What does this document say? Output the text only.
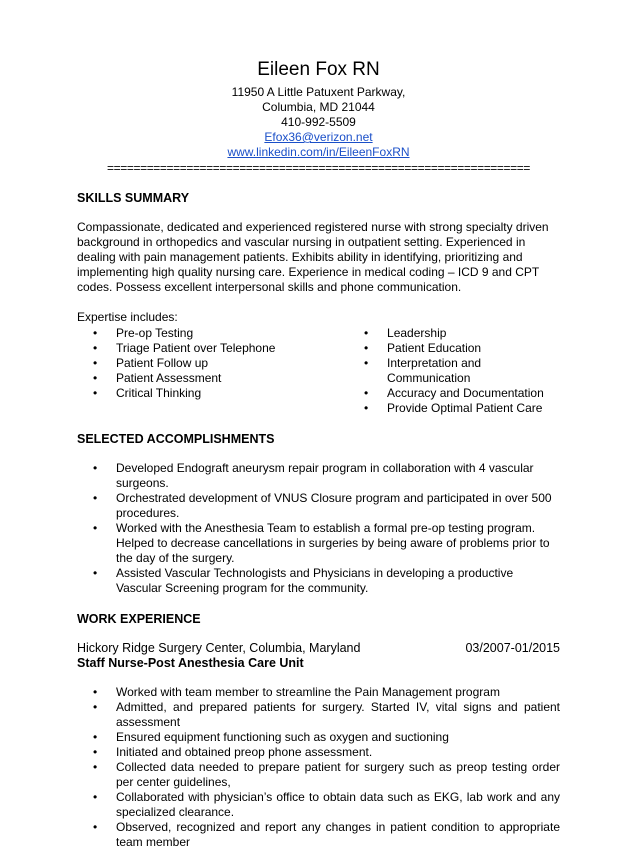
Eileen Fox RN
11950 A Little Patuxent Parkway,
Columbia, MD 21044
410-992-5509
Efox36@verizon.net
www.linkedin.com/in/EileenFoxRN
================================================================
SKILLS SUMMARY

Compassionate, dedicated and experienced registered nurse with strong specialty driven background in orthopedics and vascular nursing in outpatient setting. Experienced in dealing with pain management patients. Exhibits ability in identifying, prioritizing and implementing high quality nursing care. Experience in medical coding – ICD 9 and CPT codes. Possess excellent interpersonal skills and phone communication.

Expertise includes:
• Pre-op Testing
• Triage Patient over Telephone
• Patient Follow up
• Patient Assessment
• Critical Thinking
• Leadership
• Patient Education
• Interpretation and Communication
• Accuracy and Documentation
• Provide Optimal Patient Care
SELECTED ACCOMPLISHMENTS
• Developed Endograft aneurysm repair program in collaboration with 4 vascular surgeons.
• Orchestrated development of VNUS Closure program and participated in over 500 procedures.
• Worked with the Anesthesia Team to establish a formal pre-op testing program. Helped to decrease cancellations in surgeries by being aware of problems prior to the day of the surgery.
• Assisted Vascular Technologists and Physicians in developing a productive Vascular Screening program for the community.
WORK EXPERIENCE
Hickory Ridge Surgery Center, Columbia, Maryland	03/2007-01/2015
Staff Nurse-Post Anesthesia Care Unit
• Worked with team member to streamline the Pain Management program
• Admitted, and prepared patients for surgery. Started IV, vital signs and patient assessment
• Ensured equipment functioning such as oxygen and suctioning
• Initiated and obtained preop phone assessment.
• Collected data needed to prepare patient for surgery such as preop testing order per center guidelines,
• Collaborated with physician’s office to obtain data such as EKG, lab work and any specialized clearance.
• Observed, recognized and report any changes in patient condition to appropriate team member
